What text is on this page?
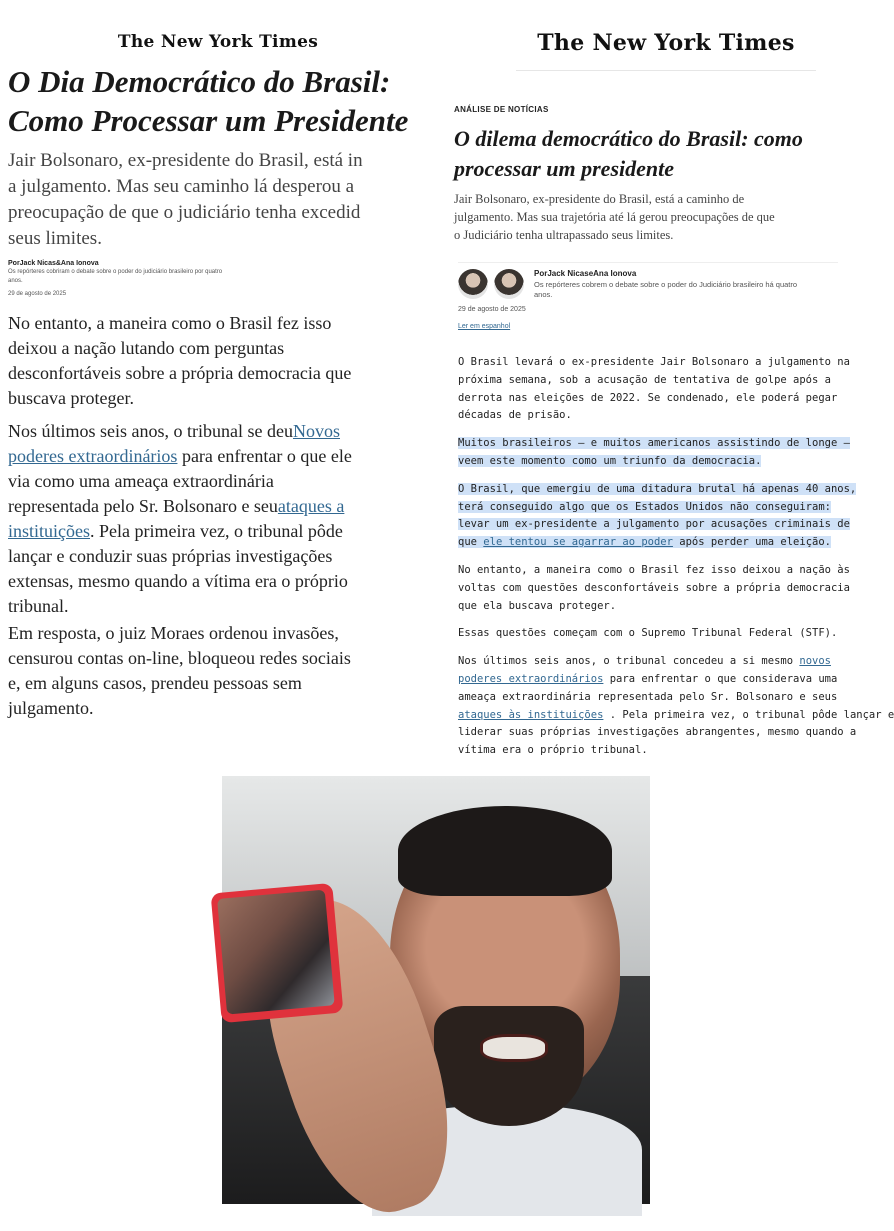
The New York Times
O Dia Democrático do Brasil:
Como Processar um Presidente
Jair Bolsonaro, ex-presidente do Brasil, está in
a julgamento. Mas seu caminho lá desperou a
preocupação de que o judiciário tenha excedid
seus limites.
PorJack Nicas&Ana Ionova
Os repórteres cobriram o debate sobre o poder do judiciário brasileiro por quatro anos.
29 de agosto de 2025
No entanto, a maneira como o Brasil fez isso
deixou a nação lutando com perguntas
desconfortáveis sobre a própria democracia que
buscava proteger.
Nos últimos seis anos, o tribunal se deuNovos
poderes extraordinários para enfrentar o que ele
via como uma ameaça extraordinária
representada pelo Sr. Bolsonaro e seuataques a
instituições. Pela primeira vez, o tribunal pôde
lançar e conduzir suas próprias investigações
extensas, mesmo quando a vítima era o próprio
tribunal.
Em resposta, o juiz Moraes ordenou invasões,
censurou contas on-line, bloqueou redes sociais
e, em alguns casos, prendeu pessoas sem
julgamento.
The New York Times
ANÁLISE DE NOTÍCIAS
O dilema democrático do Brasil: como
processar um presidente
Jair Bolsonaro, ex-presidente do Brasil, está a caminho de
julgamento. Mas sua trajetória até lá gerou preocupações de que
o Judiciário tenha ultrapassado seus limites.
PorJack NicaseAna Ionova
Os repórteres cobrem o debate sobre o poder do Judiciário brasileiro há quatro anos.
29 de agosto de 2025
Ler em espanhol
O Brasil levará o ex-presidente Jair Bolsonaro a julgamento na
próxima semana, sob a acusação de tentativa de golpe após a
derrota nas eleições de 2022. Se condenado, ele poderá pegar
décadas de prisão.
Muitos brasileiros — e muitos americanos assistindo de longe —
veem este momento como um triunfo da democracia.
O Brasil, que emergiu de uma ditadura brutal há apenas 40 anos,
terá conseguido algo que os Estados Unidos não conseguiram:
levar um ex-presidente a julgamento por acusações criminais de
que ele tentou se agarrar ao poder após perder uma eleição.
No entanto, a maneira como o Brasil fez isso deixou a nação às
voltas com questões desconfortáveis sobre a própria democracia
que ela buscava proteger.
Essas questões começam com o Supremo Tribunal Federal (STF).
Nos últimos seis anos, o tribunal concedeu a si mesmo novos
poderes extraordinários para enfrentar o que considerava uma
ameaça extraordinária representada pelo Sr. Bolsonaro e seus
ataques às instituições . Pela primeira vez, o tribunal pôde lançar e
liderar suas próprias investigações abrangentes, mesmo quando a
vítima era o próprio tribunal.
